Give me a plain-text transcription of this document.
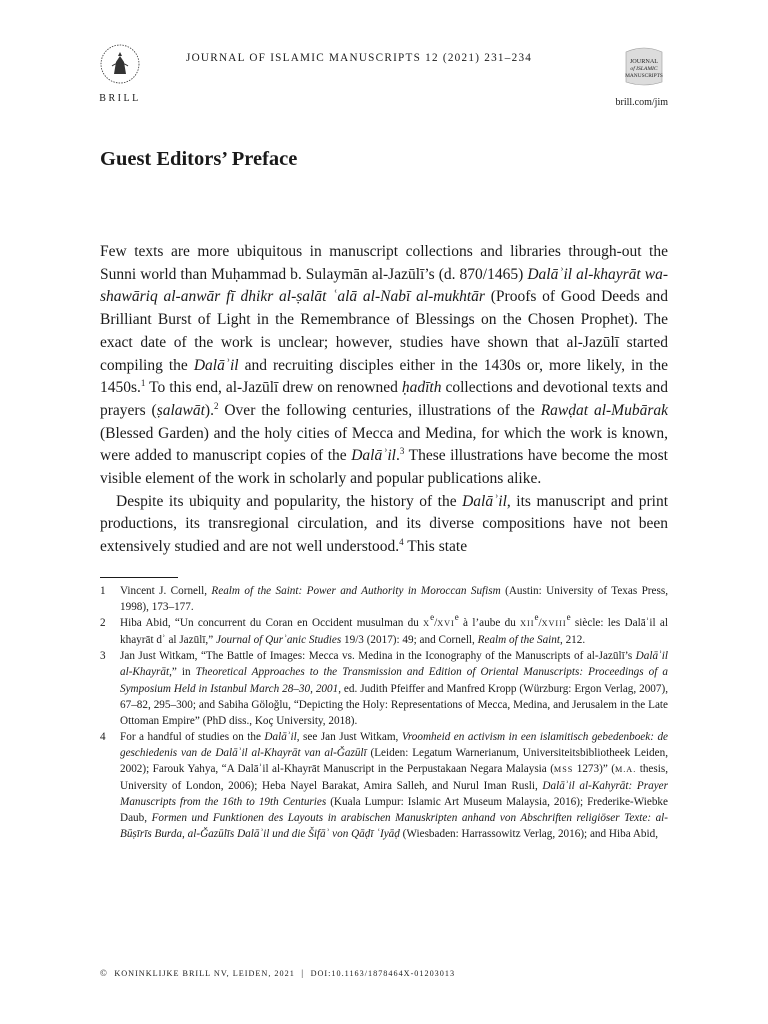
BRILL
JOURNAL OF ISLAMIC MANUSCRIPTS 12 (2021) 231–234	JOURNAL
of ISLAMIC
MANUSCRIPTS
brill.com/jim
Guest Editors’ Preface

Few texts are more ubiquitous in manuscript collections and libraries through-out the Sunni world than Muḥammad b. Sulaymān al-Jazūlī’s (d. 870/1465) Dalāʾil al-khayrāt wa-shawāriq al-anwār fī dhikr al-ṣalāt ʿalā al-Nabī al-mukhtār (Proofs of Good Deeds and Brilliant Burst of Light in the Remembrance of Blessings on the Chosen Prophet). The exact date of the work is unclear; however, studies have shown that al-Jazūlī started compiling the Dalāʾil and recruiting disciples either in the 1430s or, more likely, in the 1450s.$^1$ To this end, al-Jazūlī drew on renowned ḥadīth collections and devotional texts and prayers (ṣalawāt).$^2$ Over the following centuries, illustrations of the Rawḍat al-Mubārak (Blessed Garden) and the holy cities of Mecca and Medina, for which the work is known, were added to manuscript copies of the Dalāʾil.$^3$ These illustrations have become the most visible element of the work in scholarly and popular publications alike.

Despite its ubiquity and popularity, the history of the Dalāʾil, its manuscript and print productions, its transregional circulation, and its diverse compositions have not been extensively studied and are not well understood.$^4$ This state

1	Vincent J. Cornell, Realm of the Saint: Power and Authority in Moroccan Sufism (Austin: University of Texas Press, 1998), 173–177.
2	Hiba Abid, “Un concurrent du Coran en Occident musulman du Xe/XVIe à l’aube du XIIe/XVIIIe siècle: les Dalāʾil al khayrāt dʾ al Jazūlī,” Journal of Qurʾanic Studies 19/3 (2017): 49; and Cornell, Realm of the Saint, 212.
3	Jan Just Witkam, “The Battle of Images: Mecca vs. Medina in the Iconography of the Manuscripts of al-Jazūlī’s Dalāʾil al-Khayrāt,” in Theoretical Approaches to the Transmission and Edition of Oriental Manuscripts: Proceedings of a Symposium Held in Istanbul March 28–30, 2001, ed. Judith Pfeiffer and Manfred Kropp (Würzburg: Ergon Verlag, 2007), 67–82, 295–300; and Sabiha Göloğlu, “Depicting the Holy: Representations of Mecca, Medina, and Jerusalem in the Late Ottoman Empire” (PhD diss., Koç University, 2018).
4	For a handful of studies on the Dalāʾil, see Jan Just Witkam, Vroomheid en activism in een islamitisch gebedenboek: de geschiedenis van de Dalāʾil al-Khayrāt van al-Ǧazūlī (Leiden: Legatum Warnerianum, Universiteitsbibliotheek Leiden, 2002); Farouk Yahya, “A Dalāʾil al-Khayrāt Manuscript in the Perpustakaan Negara Malaysia (MSS 1273)” (M.A. thesis, University of London, 2006); Heba Nayel Barakat, Amira Salleh, and Nurul Iman Rusli, Dalāʾil al-Kahyrāt: Prayer Manuscripts from the 16th to 19th Centuries (Kuala Lumpur: Islamic Art Museum Malaysia, 2016); Frederike-Wiebke Daub, Formen und Funktionen des Layouts in arabischen Manuskripten anhand von Abschriften religiöser Texte: al-Būṣīrīs Burda, al-Ǧazūlīs Dalāʾil und die Šifāʾ von Qāḍī ʿIyāḍ (Wiesbaden: Harrassowitz Verlag, 2016); and Hiba Abid,
© KONINKLIJKE BRILL NV, LEIDEN, 2021 | DOI:10.1163/1878464X-01203013
